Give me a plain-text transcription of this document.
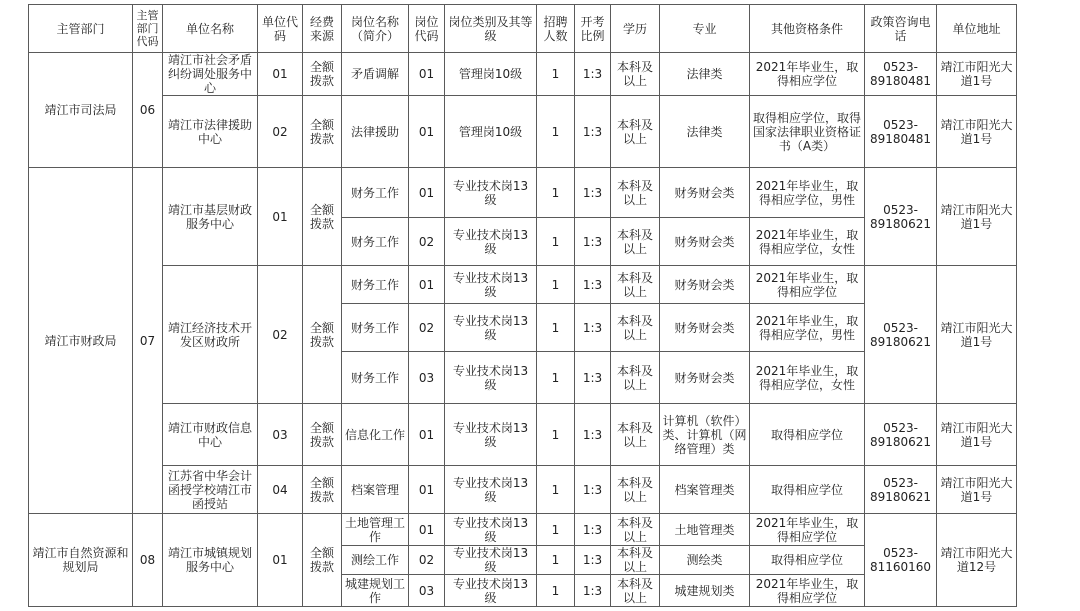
主管部门	主管部门代码	单位名称	单位代码	经费来源	岗位名称（简介）	岗位代码	岗位类别及其等级	招聘人数	开考比例	学历	专业	其他资格条件	政策咨询电话	单位地址
靖江市司法局	06	靖江市社会矛盾纠纷调处服务中心	01	全额拨款	矛盾调解	01	管理岗10级	1	1:3	本科及以上	法律类	2021年毕业生，取得相应学位	0523-89180481	靖江市阳光大道1号
		靖江市法律援助中心	02	全额拨款	法律援助	01	管理岗10级	1	1:3	本科及以上	法律类	取得相应学位，取得国家法律职业资格证书（A类）	0523-89180481	靖江市阳光大道1号
靖江市财政局	07	靖江市基层财政服务中心	01	全额拨款	财务工作	01	专业技术岗13级	1	1:3	本科及以上	财务财会类	2021年毕业生，取得相应学位，男性	0523-89180621	靖江市阳光大道1号
					财务工作	02	专业技术岗13级	1	1:3	本科及以上	财务财会类	2021年毕业生，取得相应学位，女性		
		靖江经济技术开发区财政所	02	全额拨款	财务工作	01	专业技术岗13级	1	1:3	本科及以上	财务财会类	2021年毕业生，取得相应学位	0523-89180621	靖江市阳光大道1号
					财务工作	02	专业技术岗13级	1	1:3	本科及以上	财务财会类	2021年毕业生，取得相应学位，男性		
					财务工作	03	专业技术岗13级	1	1:3	本科及以上	财务财会类	2021年毕业生，取得相应学位，女性		
		靖江市财政信息中心	03	全额拨款	信息化工作	01	专业技术岗13级	1	1:3	本科及以上	计算机（软件）类、计算机（网络管理）类	取得相应学位	0523-89180621	靖江市阳光大道1号
		江苏省中华会计函授学校靖江市函授站	04	全额拨款	档案管理	01	专业技术岗13级	1	1:3	本科及以上	档案管理类	取得相应学位	0523-89180621	靖江市阳光大道1号
靖江市自然资源和规划局	08	靖江市城镇规划服务中心	01	全额拨款	土地管理工作	01	专业技术岗13级	1	1:3	本科及以上	土地管理类	2021年毕业生，取得相应学位	0523-81160160	靖江市阳光大道12号
					测绘工作	02	专业技术岗13级	1	1:3	本科及以上	测绘类	取得相应学位		
					城建规划工作	03	专业技术岗13级	1	1:3	本科及以上	城建规划类	2021年毕业生，取得相应学位		
